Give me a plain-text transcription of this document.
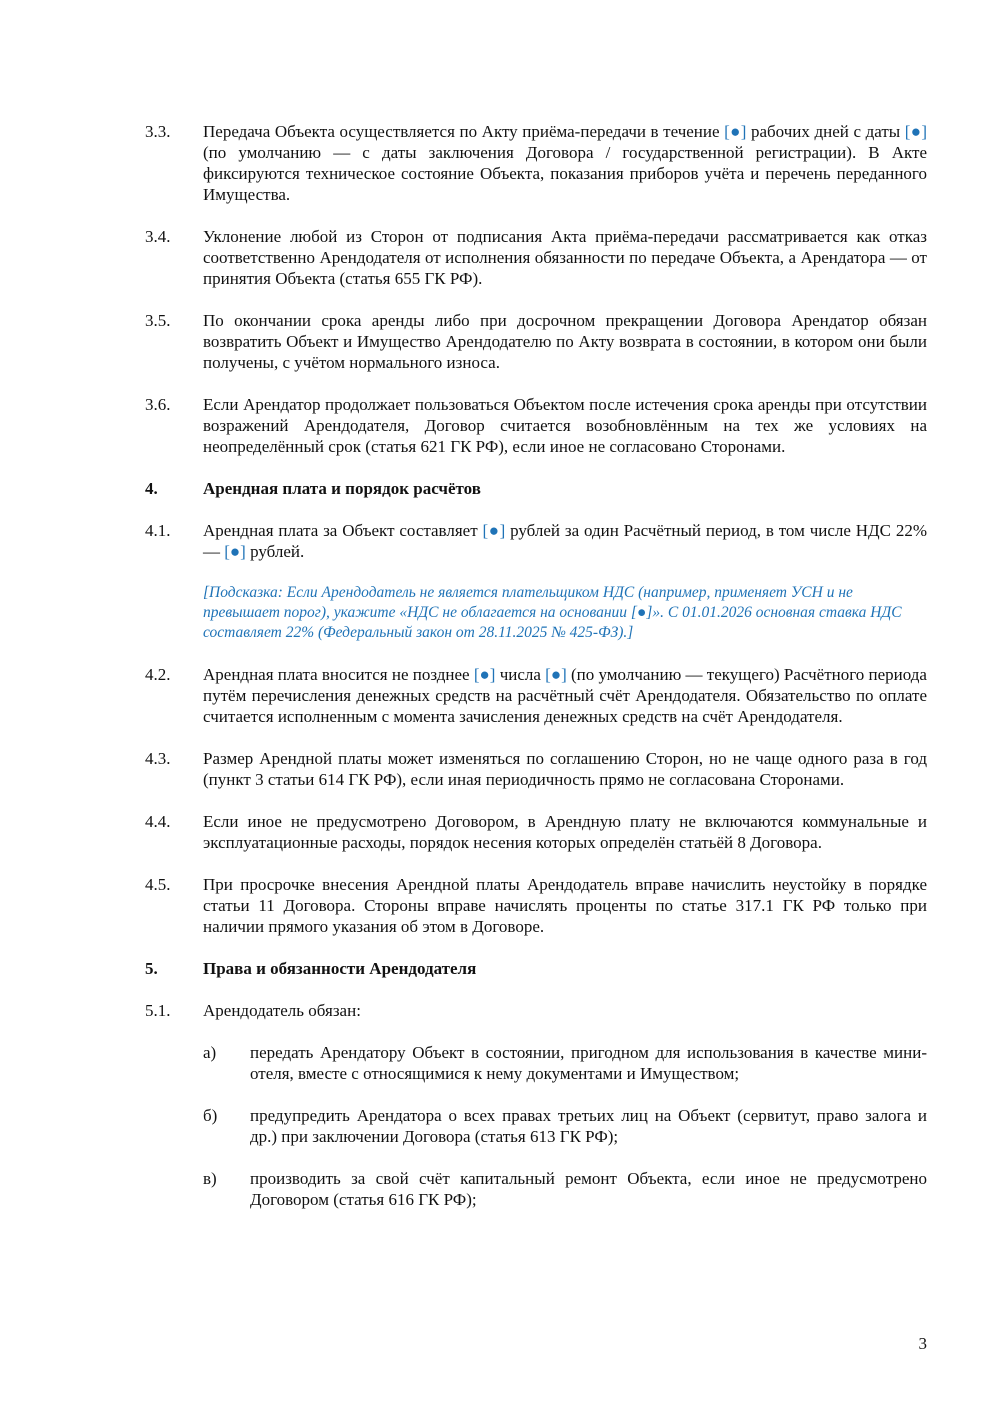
3.3.	Передача Объекта осуществляется по Акту приёма-передачи в течение [●] рабочих дней с даты [●] (по умолчанию — с даты заключения Договора / государственной регистрации). В Акте фиксируются техническое состояние Объекта, показания приборов учёта и перечень переданного Имущества.
3.4.	Уклонение любой из Сторон от подписания Акта приёма-передачи рассматривается как отказ соответственно Арендодателя от исполнения обязанности по передаче Объекта, а Арендатора — от принятия Объекта (статья 655 ГК РФ).
3.5.	По окончании срока аренды либо при досрочном прекращении Договора Арендатор обязан возвратить Объект и Имущество Арендодателю по Акту возврата в состоянии, в котором они были получены, с учётом нормального износа.
3.6.	Если Арендатор продолжает пользоваться Объектом после истечения срока аренды при отсутствии возражений Арендодателя, Договор считается возобновлённым на тех же условиях на неопределённый срок (статья 621 ГК РФ), если иное не согласовано Сторонами.
4.	Арендная плата и порядок расчётов
4.1.	Арендная плата за Объект составляет [●] рублей за один Расчётный период, в том числе НДС 22% — [●] рублей.
[Подсказка: Если Арендодатель не является плательщиком НДС (например, применяет УСН и не превышает порог), укажите «НДС не облагается на основании [●]». С 01.01.2026 основная ставка НДС составляет 22% (Федеральный закон от 28.11.2025 № 425-ФЗ).]
4.2.	Арендная плата вносится не позднее [●] числа [●] (по умолчанию — текущего) Расчётного периода путём перечисления денежных средств на расчётный счёт Арендодателя. Обязательство по оплате считается исполненным с момента зачисления денежных средств на счёт Арендодателя.
4.3.	Размер Арендной платы может изменяться по соглашению Сторон, но не чаще одного раза в год (пункт 3 статьи 614 ГК РФ), если иная периодичность прямо не согласована Сторонами.
4.4.	Если иное не предусмотрено Договором, в Арендную плату не включаются коммунальные и эксплуатационные расходы, порядок несения которых определён статьёй 8 Договора.
4.5.	При просрочке внесения Арендной платы Арендодатель вправе начислить неустойку в порядке статьи 11 Договора. Стороны вправе начислять проценты по статье 317.1 ГК РФ только при наличии прямого указания об этом в Договоре.
5.	Права и обязанности Арендодателя
5.1.	Арендодатель обязан:
а)	передать Арендатору Объект в состоянии, пригодном для использования в качестве мини-отеля, вместе с относящимися к нему документами и Имуществом;
б)	предупредить Арендатора о всех правах третьих лиц на Объект (сервитут, право залога и др.) при заключении Договора (статья 613 ГК РФ);
в)	производить за свой счёт капитальный ремонт Объекта, если иное не предусмотрено Договором (статья 616 ГК РФ);
3
